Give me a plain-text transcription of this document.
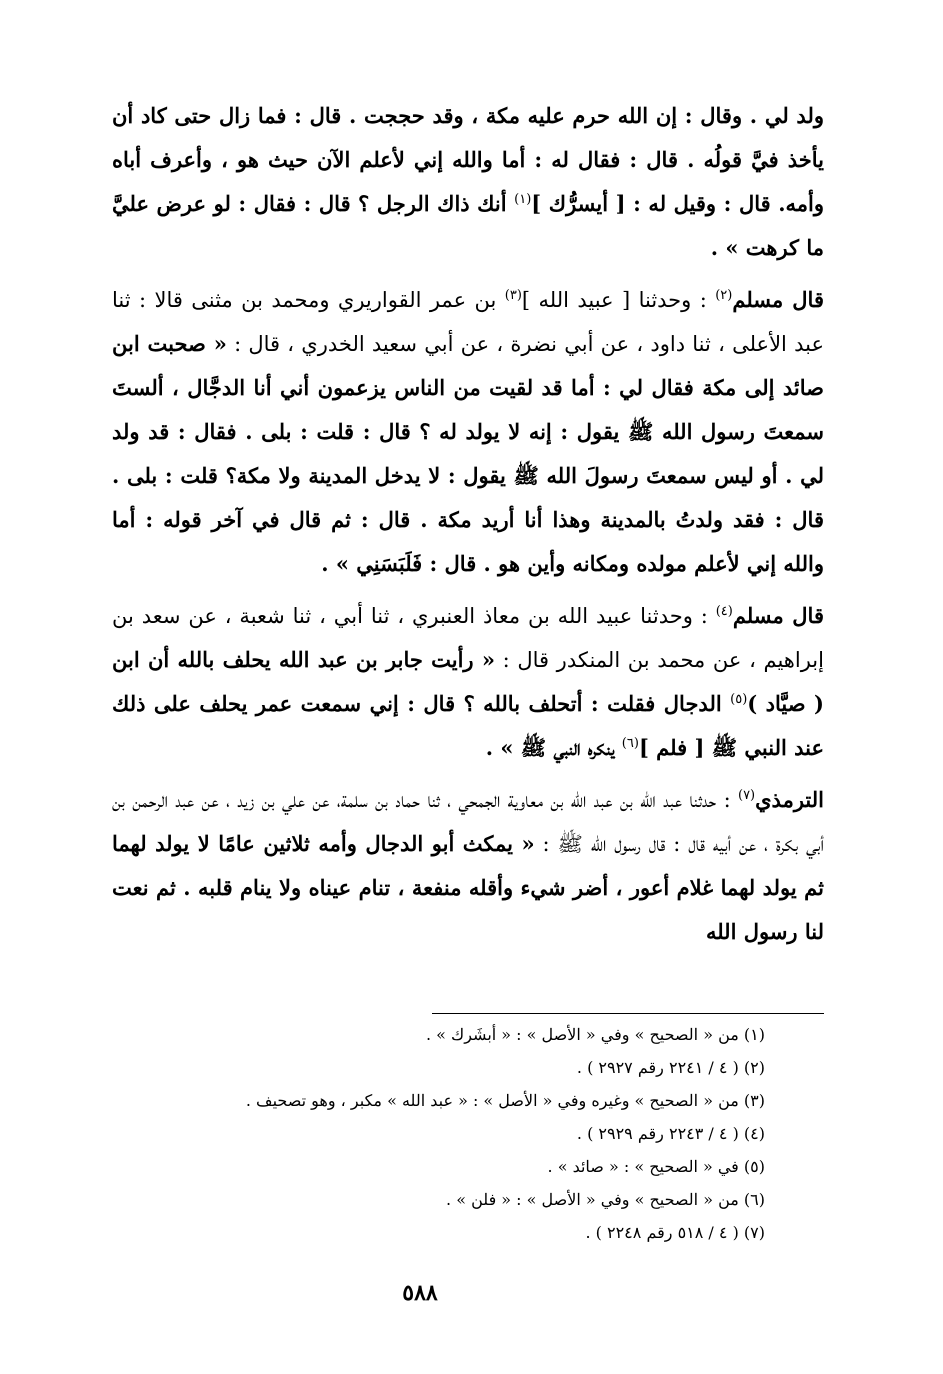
ولد لي . وقال : إن الله حرم عليه مكة ، وقد حججت . قال : فما زال حتى كاد أن يأخذ فيَّ قولُه . قال : فقال له : أما والله إني لأعلم الآن حيث هو ، وأعرف أباه وأمه. قال : وقيل له : [ أيسرُّك ]$^{(١)}$ أنك ذاك الرجل ؟ قال : فقال : لو عرض عليَّ ما كرهت » .

قال مسلم$^{(٢)}$ : وحدثنا [ عبيد الله ]$^{(٣)}$ بن عمر القواريري ومحمد بن مثنى قالا : ثنا عبد الأعلى ، ثنا داود ، عن أبي نضرة ، عن أبي سعيد الخدري ، قال : « صحبت ابن صائد إلى مكة فقال لي : أما قد لقيت من الناس يزعمون أني أنا الدجَّال ، ألستَ سمعتَ رسول الله ﷺ يقول : إنه لا يولد له ؟ قال : قلت : بلى . فقال : قد ولد لي . أو ليس سمعتَ رسولَ الله ﷺ يقول : لا يدخل المدينة ولا مكة؟ قلت : بلى . قال : فقد ولدتُ بالمدينة وهذا أنا أريد مكة . قال : ثم قال في آخر قوله : أما والله إني لأعلم مولده ومكانه وأين هو . قال : فَلَبَسَنِي » .

قال مسلم$^{(٤)}$ : وحدثنا عبيد الله بن معاذ العنبري ، ثنا أبي ، ثنا شعبة ، عن سعد بن إبراهيم ، عن محمد بن المنكدر قال : « رأيت جابر بن عبد الله يحلف بالله أن ابن ( صيَّاد )$^{(٥)}$ الدجال فقلت : أتحلف بالله ؟ قال : إني سمعت عمر يحلف على ذلك عند النبي ﷺ [ فلم ]$^{(٦)}$ ينكره النبي ﷺ » .

الترمذي$^{(٧)}$ : حدثنا عبد الله بن عبد الله بن معاوية الجمحي ، ثنا حماد بن سلمة، عن علي بن زيد ، عن عبد الرحمن بن أبي بكرة ، عن أبيه قال : قال رسول الله ﷺ : « يمكث أبو الدجال وأمه ثلاثين عامًا لا يولد لهما ثم يولد لهما غلام أعور ، أضر شيء وأقله منفعة ، تنام عيناه ولا ينام قلبه . ثم نعت لنا رسول الله

(١) من « الصحيح » وفي « الأصل » : « أبشَرك » .
(٢) ( ٤ / ٢٢٤١ رقم ٢٩٢٧ ) .
(٣) من « الصحيح » وغيره وفي « الأصل » : « عبد الله » مكبر ، وهو تصحيف .
(٤) ( ٤ / ٢٢٤٣ رقم ٢٩٢٩ ) .
(٥) في « الصحيح » : « صائد » .
(٦) من « الصحيح » وفي « الأصل » : « فلن » .
(٧) ( ٤ / ٥١٨ رقم ٢٢٤٨ ) .
٥٨٨
